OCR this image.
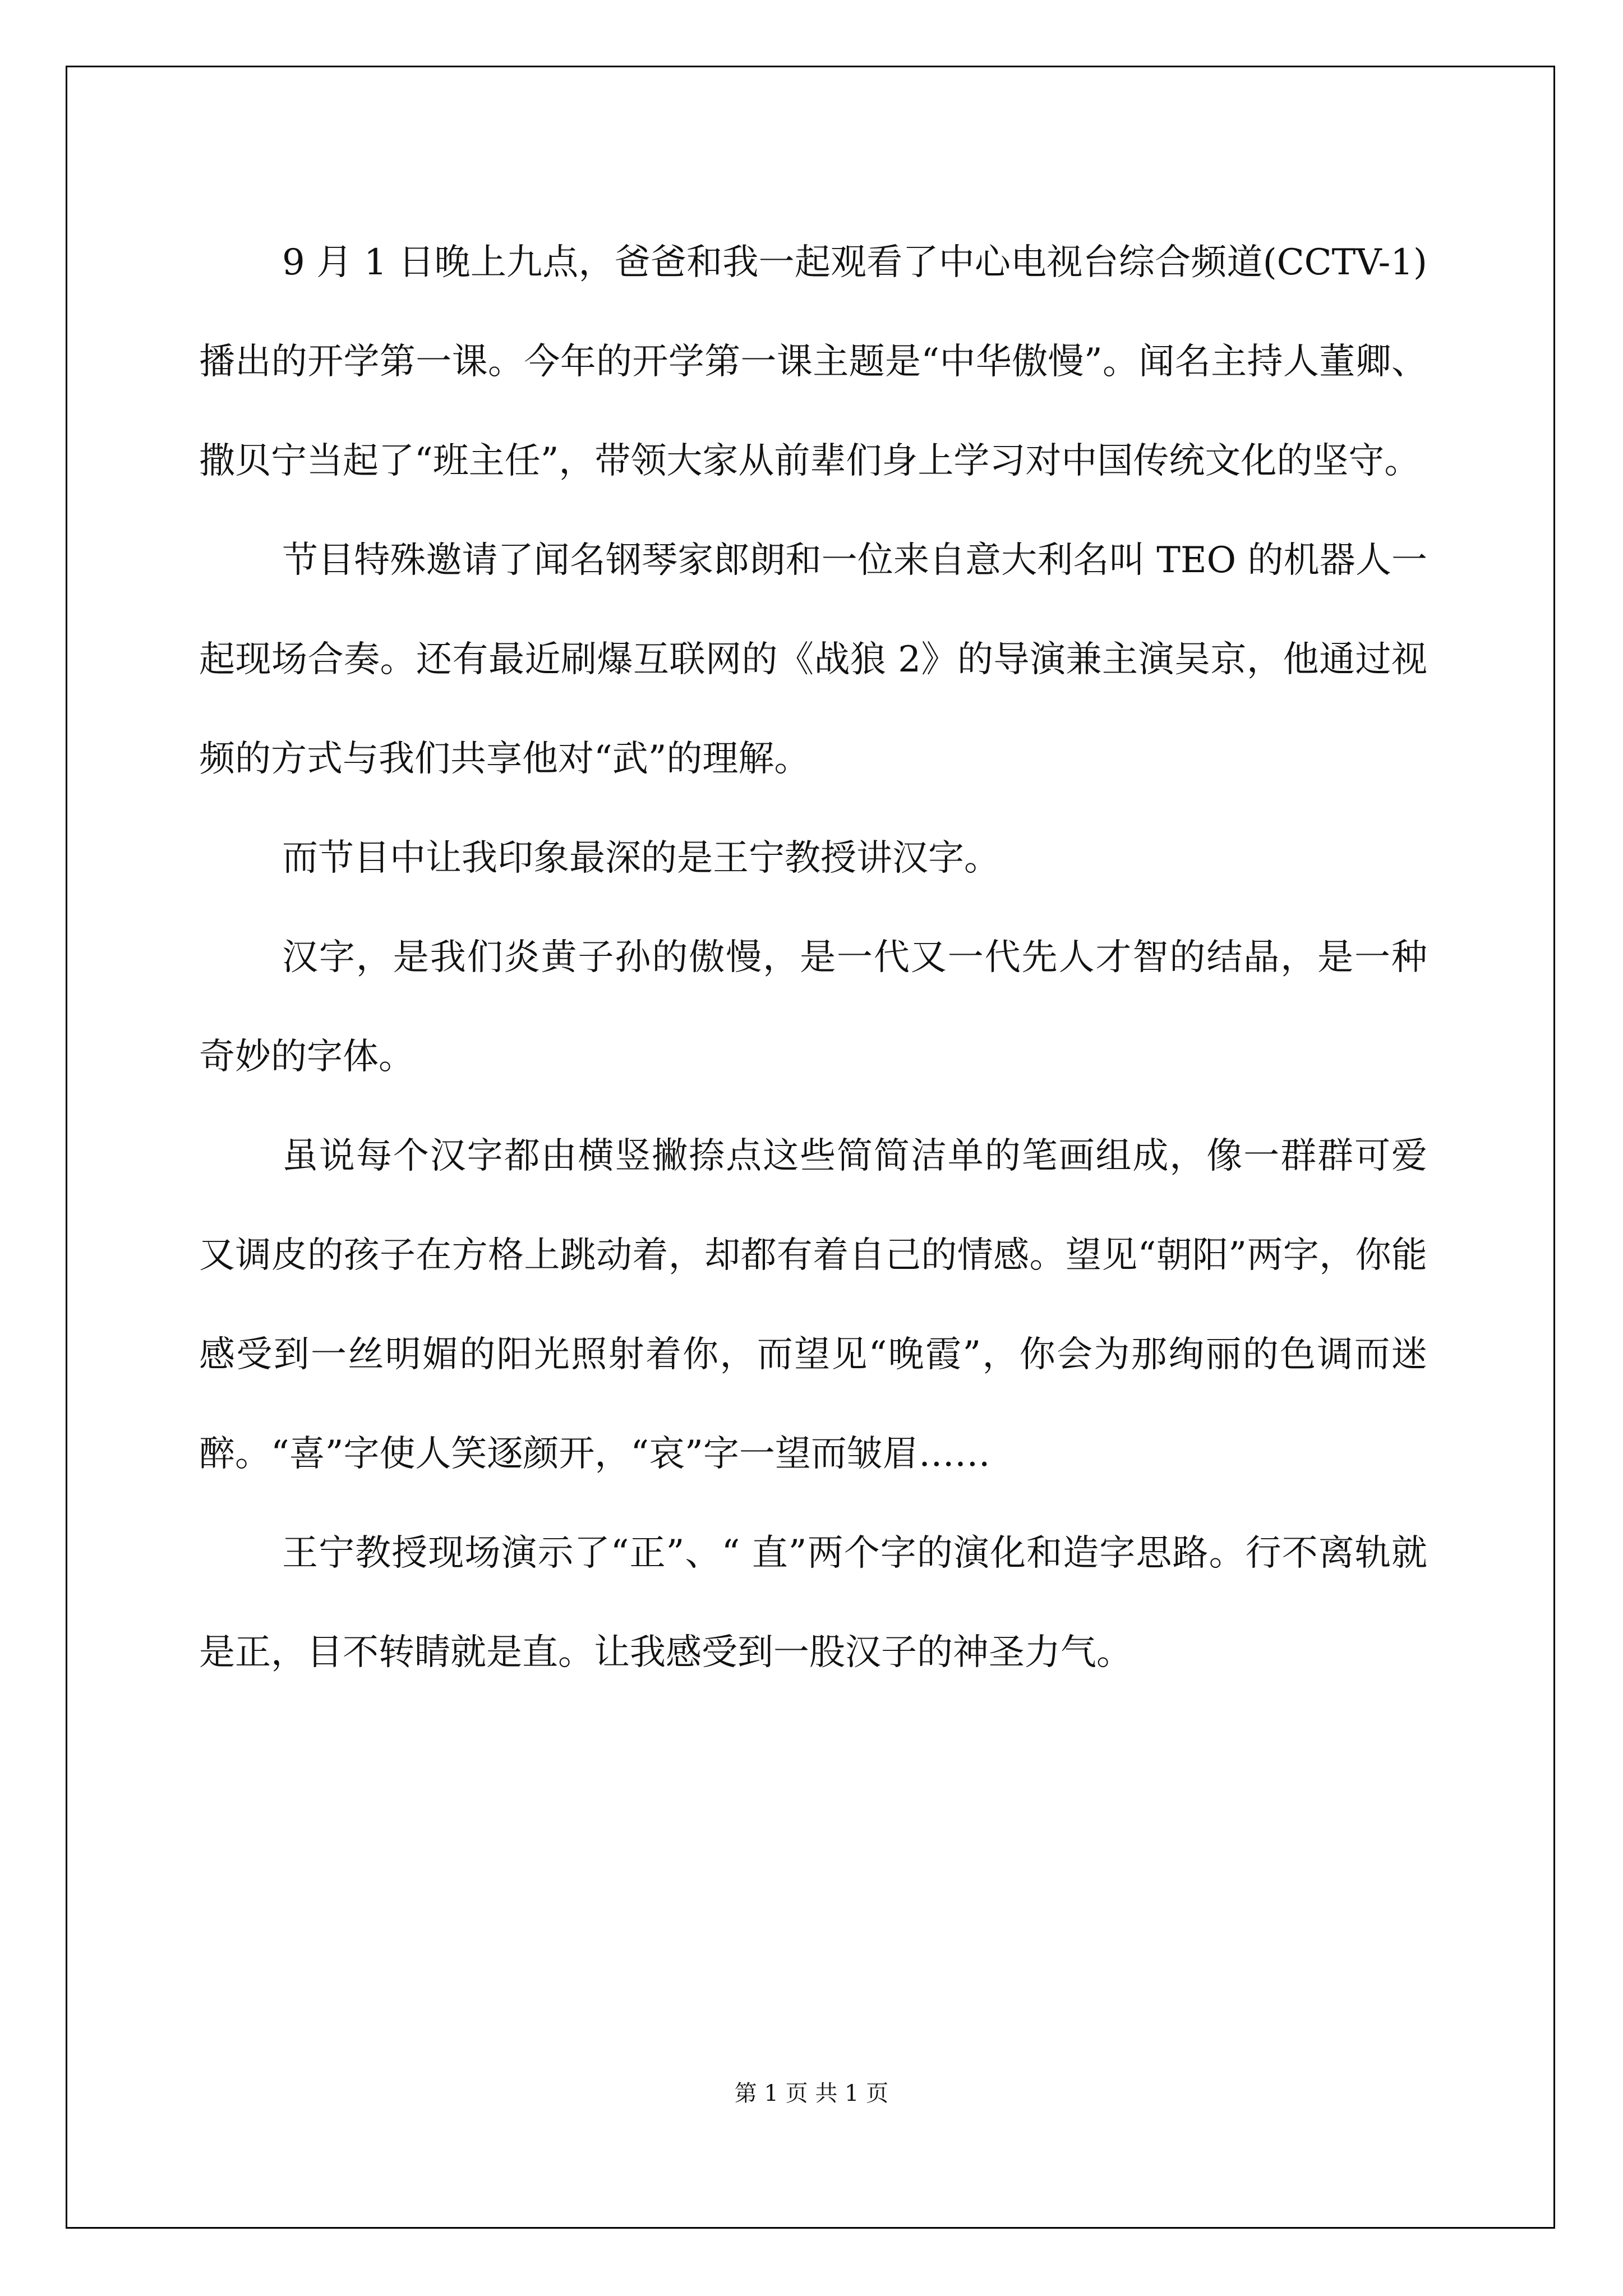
9 月 1 日晚上九点，爸爸和我一起观看了中心电视台综合频道(CCTV-1)播出的开学第一课。今年的开学第一课主题是“中华傲慢”。闻名主持人董卿、撒贝宁当起了“班主任”，带领大家从前辈们身上学习对中国传统文化的坚守。

节目特殊邀请了闻名钢琴家郎朗和一位来自意大利名叫 TEO 的机器人一起现场合奏。还有最近刷爆互联网的《战狼 2》的导演兼主演吴京，他通过视频的方式与我们共享他对“武”的理解。

而节目中让我印象最深的是王宁教授讲汉字。

汉字，是我们炎黄子孙的傲慢，是一代又一代先人才智的结晶，是一种奇妙的字体。

虽说每个汉字都由横竖撇捺点这些简简洁单的笔画组成，像一群群可爱又调皮的孩子在方格上跳动着，却都有着自己的情感。望见“朝阳”两字，你能感受到一丝明媚的阳光照射着你，而望见“晚霞”，你会为那绚丽的色调而迷醉。“喜”字使人笑逐颜开，“哀”字一望而皱眉……

王宁教授现场演示了“正”、“ 直”两个字的演化和造字思路。行不离轨就是正，目不转睛就是直。让我感受到一股汉子的神圣力气。

第 1 页 共 1 页
